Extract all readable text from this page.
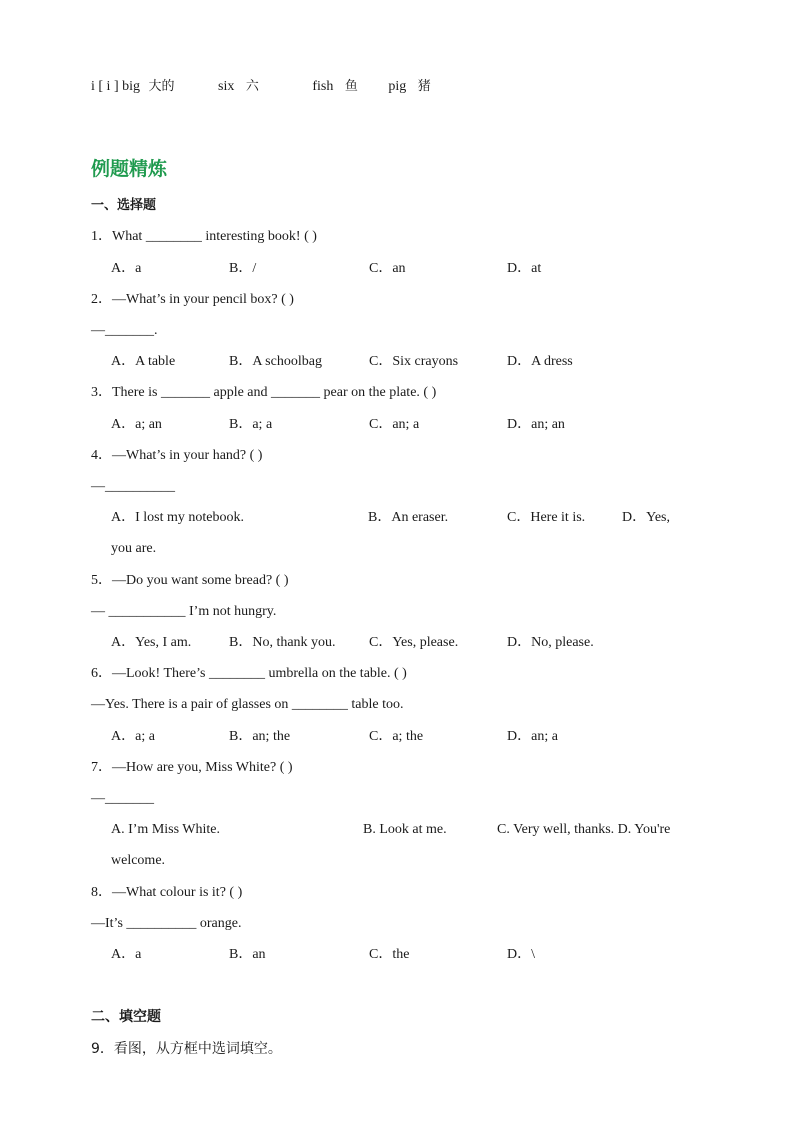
i [ i ] big 大的	six 六	fish 鱼 pig 猪
例题精炼
一、选择题
1．What ________ interesting book! ( )
A．a	B．/	C．an	D．at
2．—What’s in your pencil box? ( )
—_______.
A．A table	B．A schoolbag	C．Six crayons	D．A dress
3．There is _______ apple and _______ pear on the plate. ( )
A．a; an	B．a; a	C．an; a	D．an; an
4．—What’s in your hand? ( )
—__________
A．I lost my notebook.	B．An eraser.	C．Here it is.	D．Yes,
you are.
5．—Do you want some bread? ( )
— ___________ I’m not hungry.
A．Yes, I am.	B．No, thank you. C．Yes, please.	D．No, please.
6．—Look! There’s ________ umbrella on the table. ( )
—Yes. There is a pair of glasses on ________ table too.
A．a; a	B．an; the	C．a; the	D．an; a
7．—How are you, Miss White? ( )
—_______
A. I’m Miss White.	B. Look at me.	C. Very well, thanks. D. You're
welcome.
8．—What colour is it? ( )
—It’s __________ orange.
A．a	B．an	C．the	D．\
二、填空题
9．看图，从方框中选词填空。
